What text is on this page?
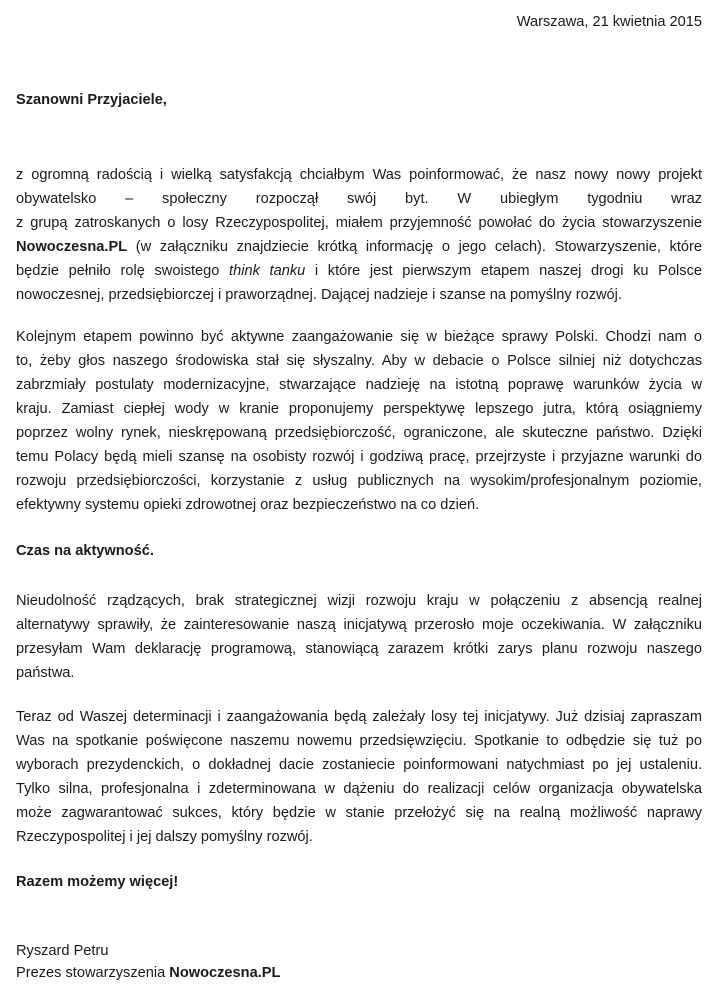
Warszawa, 21 kwietnia 2015
Szanowni Przyjaciele,

z ogromną radością i wielką satysfakcją chciałbym Was poinformować, że nasz nowy nowy projekt
obywatelsko – społeczny rozpoczął swój byt. W ubiegłym tygodniu wraz
z grupą zatroskanych o losy Rzeczypospolitej, miałem przyjemność powołać do życia stowarzyszenie
Nowoczesna.PL (w załączniku znajdziecie krótką informację o jego celach). Stowarzyszenie, które
będzie pełniło rolę swoistego think tanku i które jest pierwszym etapem naszej drogi ku Polsce
nowoczesnej, przedsiębiorczej i praworządnej. Dającej nadzieje i szanse na pomyślny rozwój.

Kolejnym etapem powinno być aktywne zaangażowanie się w bieżące sprawy Polski. Chodzi nam o
to, żeby głos naszego środowiska stał się słyszalny. Aby w debacie o Polsce silniej niż dotychczas
zabrzmiały postulaty modernizacyjne, stwarzające nadzieję na istotną poprawę warunków życia w
kraju. Zamiast ciepłej wody w kranie proponujemy perspektywę lepszego jutra, którą osiągniemy
poprzez wolny rynek, nieskrępowaną przedsiębiorczość, ograniczone, ale skuteczne państwo. Dzięki
temu Polacy będą mieli szansę na osobisty rozwój i godziwą pracę, przejrzyste i przyjazne warunki do
rozwoju przedsiębiorczości, korzystanie z usług publicznych na wysokim/profesjonalnym poziomie,
efektywny systemu opieki zdrowotnej oraz bezpieczeństwo na co dzień.

Czas na aktywność.

Nieudolność rządzących, brak strategicznej wizji rozwoju kraju w połączeniu z absencją realnej
alternatywy sprawiły, że zainteresowanie naszą inicjatywą przerosło moje oczekiwania. W załączniku
przesyłam Wam deklarację programową, stanowiącą zarazem krótki zarys planu rozwoju naszego
państwa.

Teraz od Waszej determinacji i zaangażowania będą zależały losy tej inicjatywy. Już dzisiaj zapraszam
Was na spotkanie poświęcone naszemu nowemu przedsięwzięciu. Spotkanie to odbędzie się tuż po
wyborach prezydenckich, o dokładnej dacie zostaniecie poinformowani natychmiast po jej ustaleniu.
Tylko silna, profesjonalna i zdeterminowana w dążeniu do realizacji celów organizacja obywatelska
może zagwarantować sukces, który będzie w stanie przełożyć się na realną możliwość naprawy
Rzeczypospolitej i jej dalszy pomyślny rozwój.

Razem możemy więcej!
Ryszard Petru
Prezes stowarzyszenia Nowoczesna.PL
